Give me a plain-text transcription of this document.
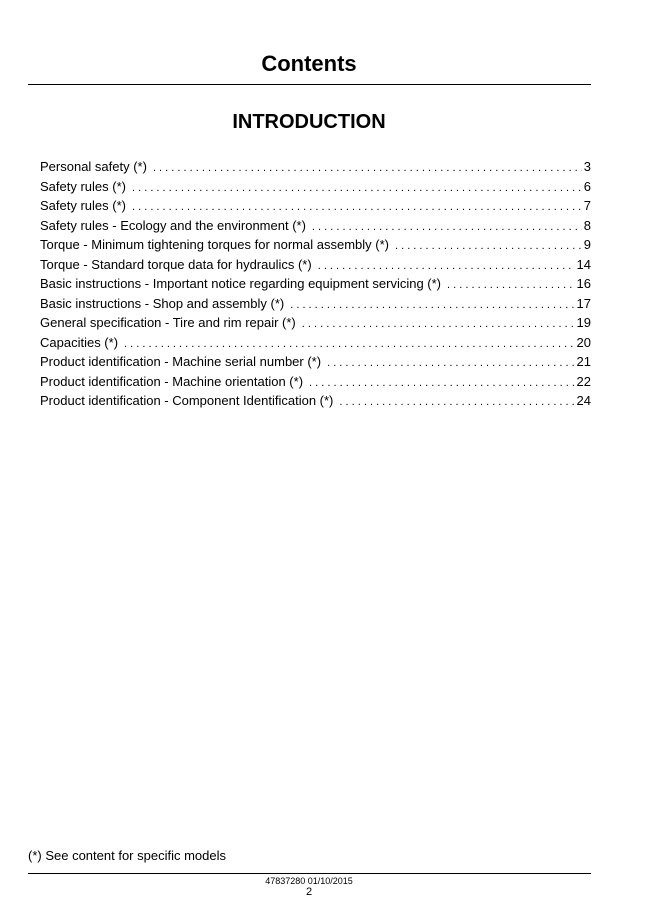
Contents
INTRODUCTION
Personal safety (*) . . .	3
Safety rules (*) . . .	6
Safety rules (*) . . .	7
Safety rules - Ecology and the environment (*) . . .	8
Torque - Minimum tightening torques for normal assembly (*) . . .	9
Torque - Standard torque data for hydraulics (*) . . .	14
Basic instructions - Important notice regarding equipment servicing (*) . . .	16
Basic instructions - Shop and assembly (*) . . .	17
General specification - Tire and rim repair (*) . . .	19
Capacities (*) . . .	20
Product identification - Machine serial number (*) . . .	21
Product identification - Machine orientation (*) . . .	22
Product identification - Component Identification (*) . . .	24
(*) See content for specific models
47837280 01/10/2015
2
